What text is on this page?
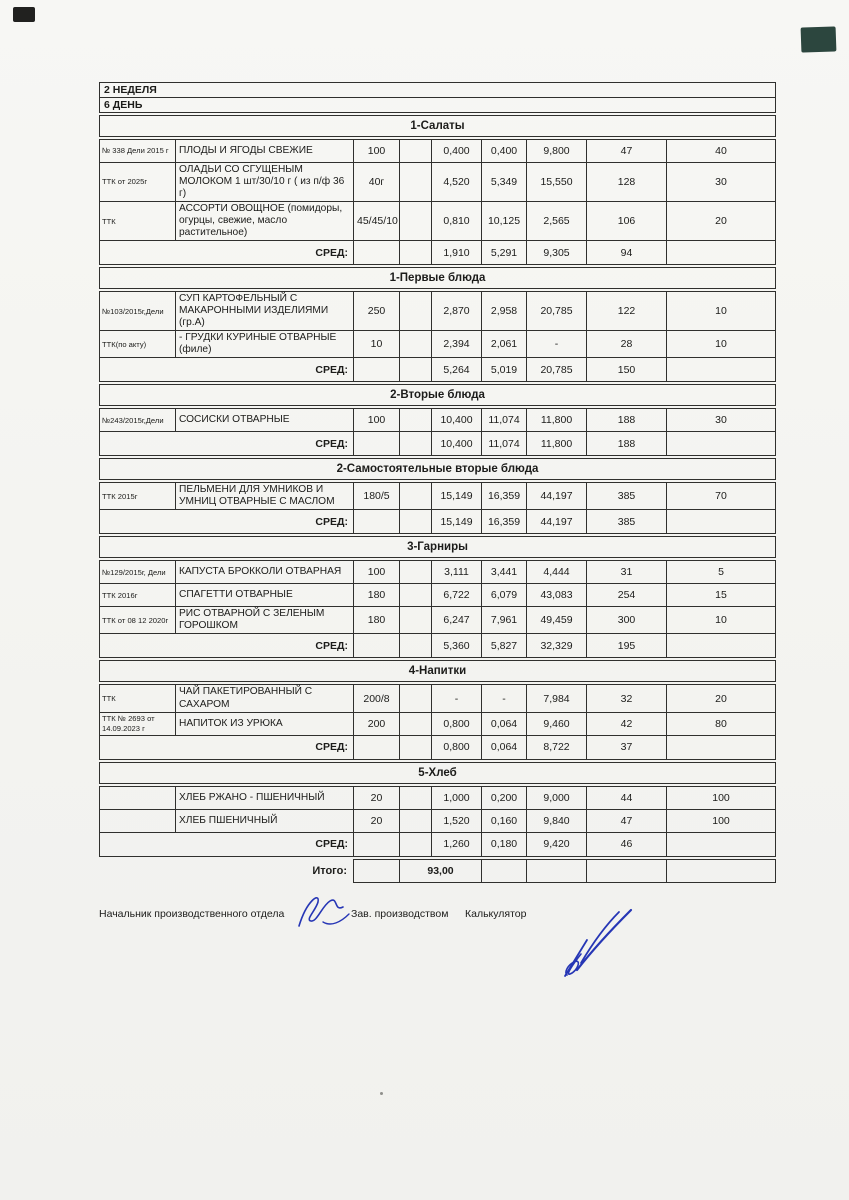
2 НЕДЕЛЯ								
6 ДЕНЬ								

1-Салаты								

№ 338 Дели 2015 г	ПЛОДЫ И ЯГОДЫ СВЕЖИЕ	100		0,400	0,400	9,800	47	40
ТТК от 2025г	ОЛАДЬИ СО СГУЩЕНЫМ МОЛОКОМ 1 шт/30/10 г ( из п/ф 36 г)	40г		4,520	5,349	15,550	128	30
ТТК	АССОРТИ ОВОЩНОЕ (помидоры, огурцы, свежие, масло растительное)	45/45/10		0,810	10,125	2,565	106	20
СРЕД:				1,910	5,291	9,305	94	

1-Первые блюда								

№103/2015г,Дели	СУП КАРТОФЕЛЬНЫЙ С МАКАРОННЫМИ ИЗДЕЛИЯМИ (гр.А)	250		2,870	2,958	20,785	122	10
ТТК(по акту)	- ГРУДКИ КУРИНЫЕ ОТВАРНЫЕ (филе)	10		2,394	2,061	-	28	10
СРЕД:				5,264	5,019	20,785	150	

2-Вторые блюда								

№243/2015г,Дели	СОСИСКИ ОТВАРНЫЕ	100		10,400	11,074	11,800	188	30
СРЕД:				10,400	11,074	11,800	188	

2-Самостоятельные вторые блюда								

ТТК 2015г	ПЕЛЬМЕНИ ДЛЯ УМНИКОВ И УМНИЦ ОТВАРНЫЕ С МАСЛОМ	180/5		15,149	16,359	44,197	385	70
СРЕД:				15,149	16,359	44,197	385	

3-Гарниры								

№129/2015г, Дели	КАПУСТА БРОККОЛИ ОТВАРНАЯ	100		3,111	3,441	4,444	31	5
ТТК 2016г	СПАГЕТТИ ОТВАРНЫЕ	180		6,722	6,079	43,083	254	15
ТТК от 08 12 2020г	РИС ОТВАРНОЙ С ЗЕЛЕНЫМ ГОРОШКОМ	180		6,247	7,961	49,459	300	10
СРЕД:				5,360	5,827	32,329	195	

4-Напитки								

ТТК	ЧАЙ ПАКЕТИРОВАННЫЙ С САХАРОМ	200/8		-	-	7,984	32	20
ТТК № 2693 от 14.09.2023 г	НАПИТОК ИЗ УРЮКА	200		0,800	0,064	9,460	42	80
СРЕД:				0,800	0,064	8,722	37	

5-Хлеб								

	ХЛЕБ РЖАНО - ПШЕНИЧНЫЙ	20		1,000	0,200	9,000	44	100
	ХЛЕБ ПШЕНИЧНЫЙ	20		1,520	0,160	9,840	47	100
СРЕД:				1,260	0,180	9,420	46	

Итого:			93,00					
Начальник производственного отдела	Зав. производством Калькулятор
